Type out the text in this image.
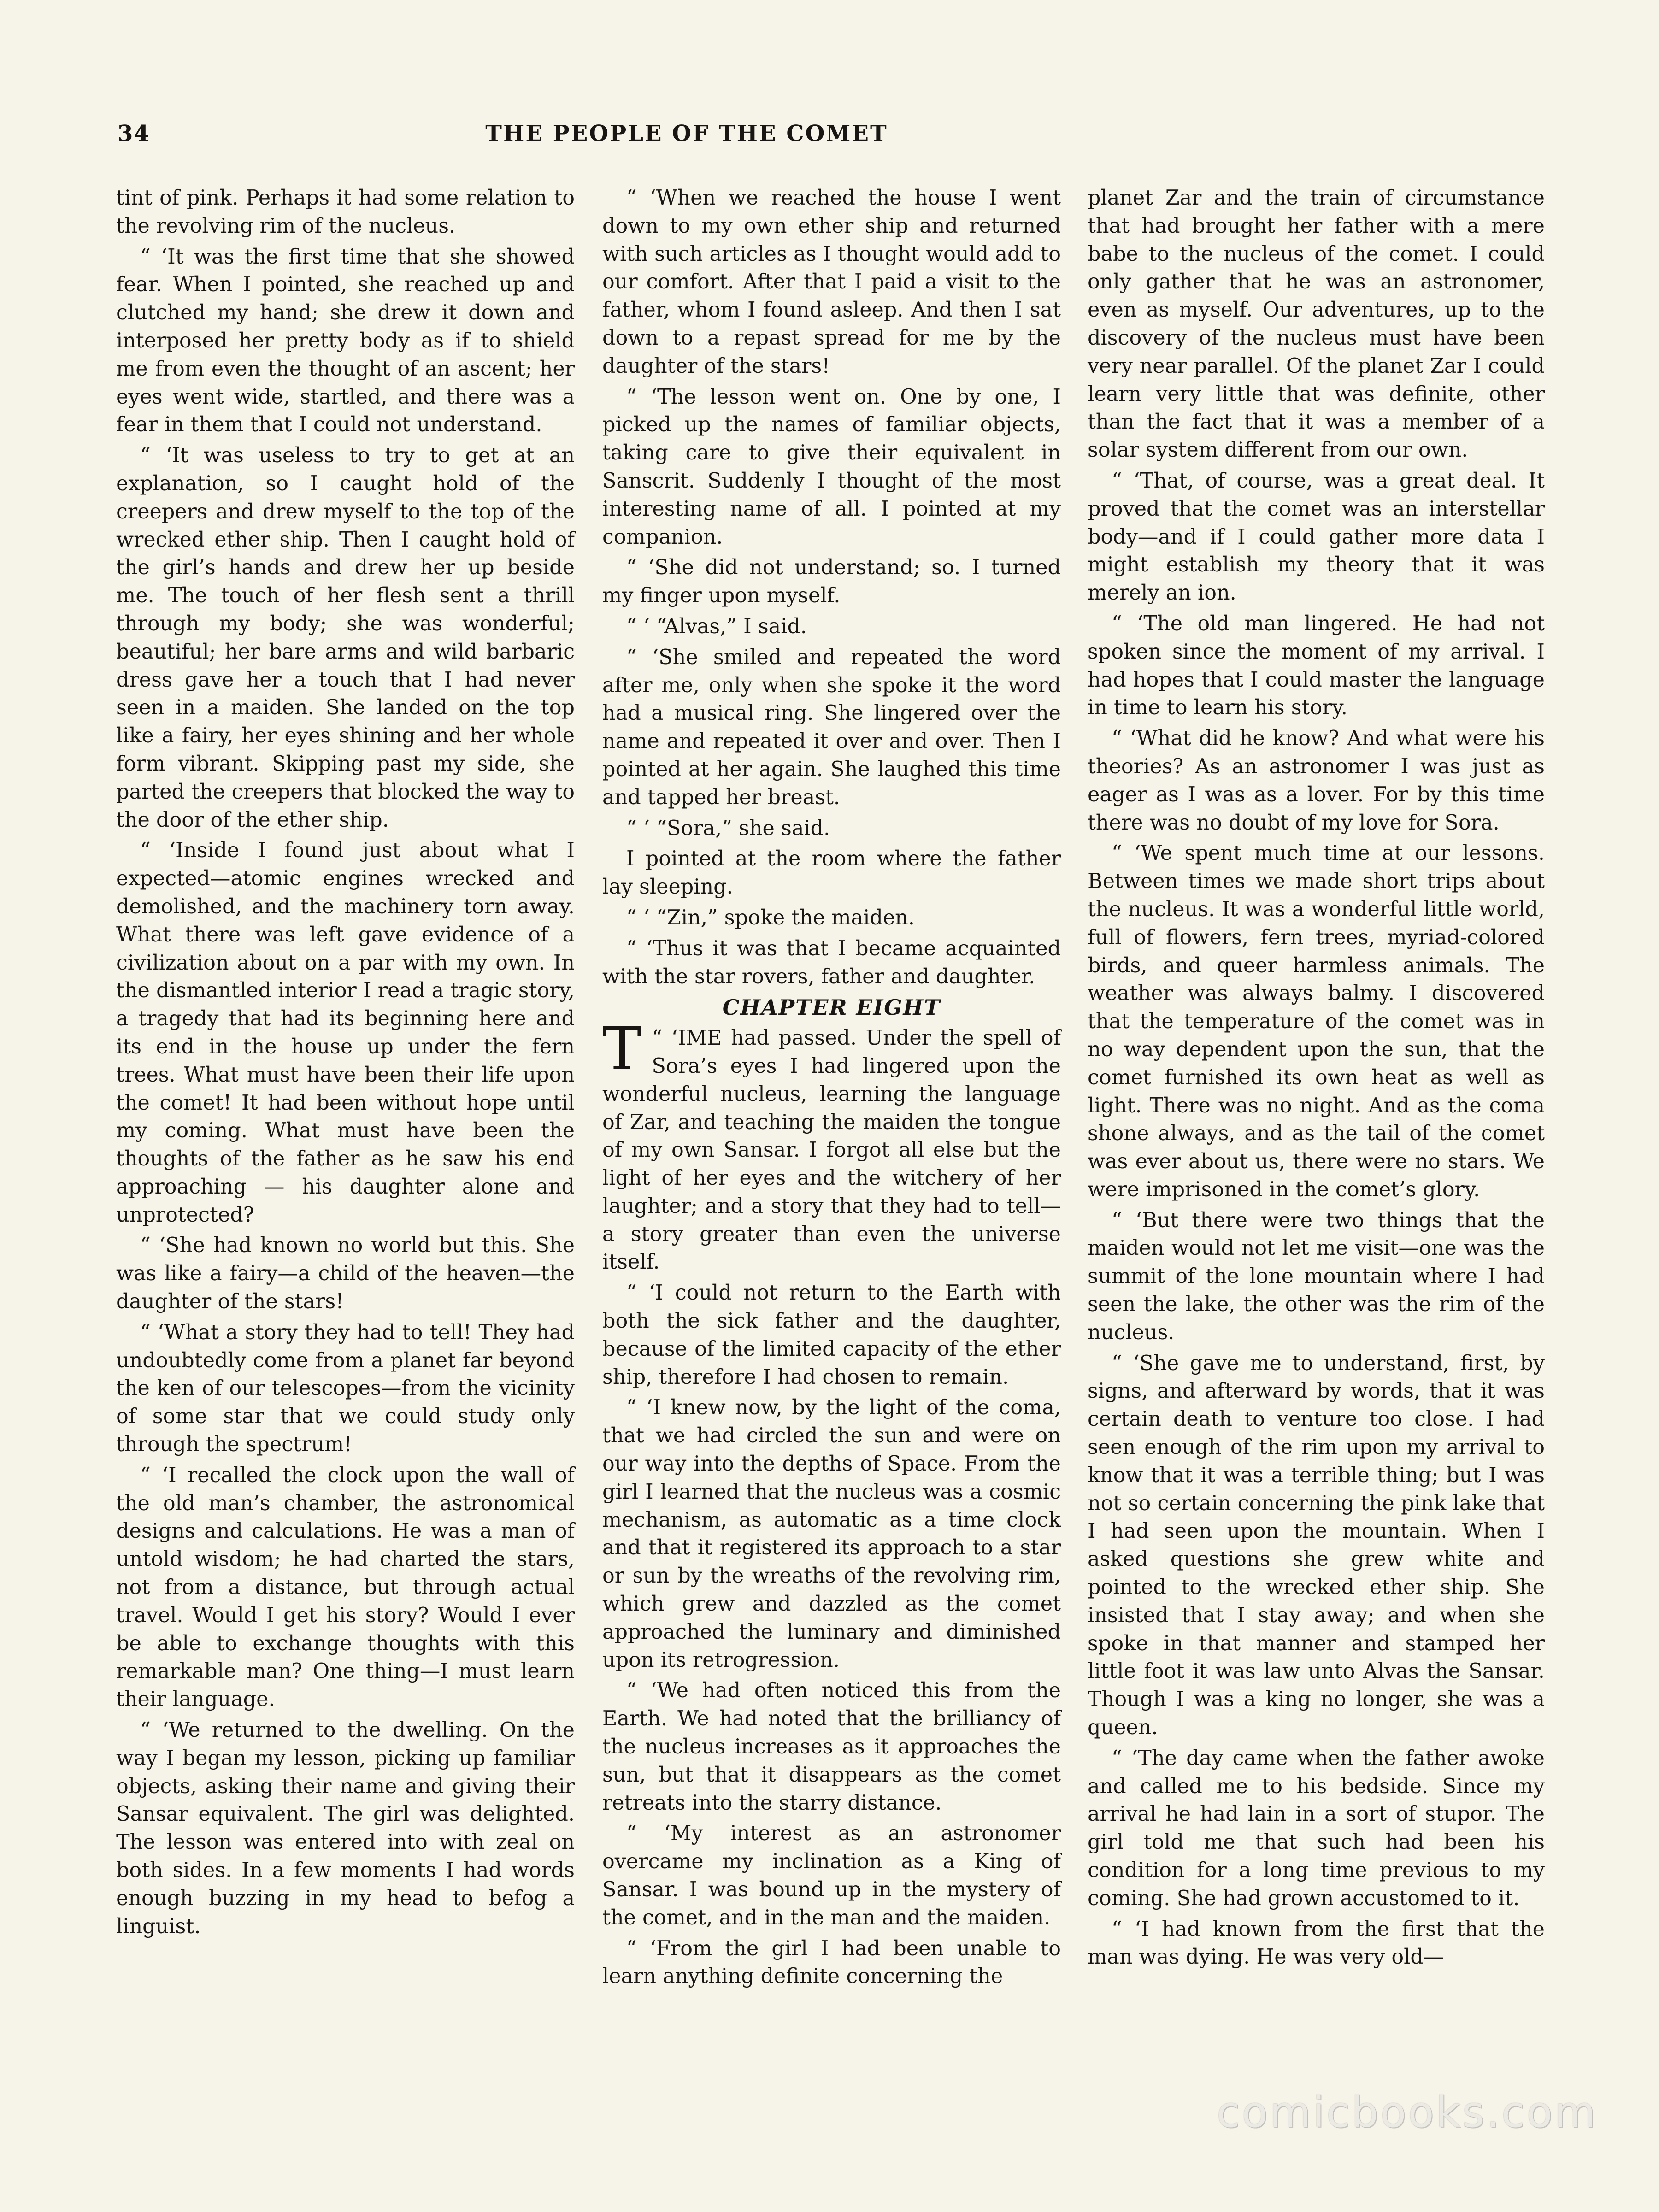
34	THE PEOPLE OF THE COMET

tint of pink. Perhaps it had some relation to the revolving rim of the nucleus.

“ ‘It was the first time that she showed fear. When I pointed, she reached up and clutched my hand; she drew it down and interposed her pretty body as if to shield me from even the thought of an ascent; her eyes went wide, startled, and there was a fear in them that I could not understand.

“ ‘It was useless to try to get at an explanation, so I caught hold of the creepers and drew myself to the top of the wrecked ether ship. Then I caught hold of the girl’s hands and drew her up beside me. The touch of her flesh sent a thrill through my body; she was wonderful; beautiful; her bare arms and wild barbaric dress gave her a touch that I had never seen in a maiden. She landed on the top like a fairy, her eyes shining and her whole form vibrant. Skipping past my side, she parted the creepers that blocked the way to the door of the ether ship.

“ ‘Inside I found just about what I expected—atomic engines wrecked and demolished, and the machinery torn away. What there was left gave evidence of a civilization about on a par with my own. In the dismantled interior I read a tragic story, a tragedy that had its beginning here and its end in the house up under the fern trees. What must have been their life upon the comet! It had been without hope until my coming. What must have been the thoughts of the father as he saw his end approaching — his daughter alone and unprotected?

“ ‘She had known no world but this. She was like a fairy—a child of the heaven—the daughter of the stars!

“ ‘What a story they had to tell! They had undoubtedly come from a planet far beyond the ken of our telescopes—from the vicinity of some star that we could study only through the spectrum!

“ ‘I recalled the clock upon the wall of the old man’s chamber, the astronomical designs and calculations. He was a man of untold wisdom; he had charted the stars, not from a distance, but through actual travel. Would I get his story? Would I ever be able to exchange thoughts with this remarkable man? One thing—I must learn their language.

“ ‘We returned to the dwelling. On the way I began my lesson, picking up familiar objects, asking their name and giving their Sansar equivalent. The girl was delighted. The lesson was entered into with zeal on both sides. In a few moments I had words enough buzzing in my head to befog a linguist.

“ ‘When we reached the house I went down to my own ether ship and returned with such articles as I thought would add to our comfort. After that I paid a visit to the father, whom I found asleep. And then I sat down to a repast spread for me by the daughter of the stars!

“ ‘The lesson went on. One by one, I picked up the names of familiar objects, taking care to give their equivalent in Sanscrit. Suddenly I thought of the most interesting name of all. I pointed at my companion.

“ ‘She did not understand; so. I turned my finger upon myself.

“ ‘ “Alvas,” I said.

“ ‘She smiled and repeated the word after me, only when she spoke it the word had a musical ring. She lingered over the name and repeated it over and over. Then I pointed at her again. She laughed this time and tapped her breast.

“ ‘ “Sora,” she said.

I pointed at the room where the father lay sleeping.

“ ‘ “Zin,” spoke the maiden.

“ ‘Thus it was that I became acquainted with the star rovers, father and daughter.

CHAPTER EIGHT

“ ‘
T IME had passed. Under the spell of Sora’s eyes I had lingered upon the wonderful nucleus, learning the language of Zar, and teaching the maiden the tongue of my own Sansar. I forgot all else but the light of her eyes and the witchery of her laughter; and a story that they had to tell—a story greater than even the universe itself.

“ ‘I could not return to the Earth with both the sick father and the daughter, because of the limited capacity of the ether ship, therefore I had chosen to remain.

“ ‘I knew now, by the light of the coma, that we had circled the sun and were on our way into the depths of Space. From the girl I learned that the nucleus was a cosmic mechanism, as automatic as a time clock and that it registered its approach to a star or sun by the wreaths of the revolving rim, which grew and dazzled as the comet approached the luminary and diminished upon its retrogression.

“ ‘We had often noticed this from the Earth. We had noted that the brilliancy of the nucleus increases as it approaches the sun, but that it disappears as the comet retreats into the starry distance.

“ ‘My interest as an astronomer overcame my inclination as a King of Sansar. I was bound up in the mystery of the comet, and in the man and the maiden.

“ ‘From the girl I had been unable to learn anything definite concerning the

planet Zar and the train of circumstance that had brought her father with a mere babe to the nucleus of the comet. I could only gather that he was an astronomer, even as myself. Our adventures, up to the discovery of the nucleus must have been very near parallel. Of the planet Zar I could learn very little that was definite, other than the fact that it was a member of a solar system different from our own.

“ ‘That, of course, was a great deal. It proved that the comet was an interstellar body—and if I could gather more data I might establish my theory that it was merely an ion.

“ ‘The old man lingered. He had not spoken since the moment of my arrival. I had hopes that I could master the language in time to learn his story.

“ ‘What did he know? And what were his theories? As an astronomer I was just as eager as I was as a lover. For by this time there was no doubt of my love for Sora.

“ ‘We spent much time at our lessons. Between times we made short trips about the nucleus. It was a wonderful little world, full of flowers, fern trees, myriad-colored birds, and queer harmless animals. The weather was always balmy. I discovered that the temperature of the comet was in no way dependent upon the sun, that the comet furnished its own heat as well as light. There was no night. And as the coma shone always, and as the tail of the comet was ever about us, there were no stars. We were imprisoned in the comet’s glory.

“ ‘But there were two things that the maiden would not let me visit—one was the summit of the lone mountain where I had seen the lake, the other was the rim of the nucleus.

“ ‘She gave me to understand, first, by signs, and afterward by words, that it was certain death to venture too close. I had seen enough of the rim upon my arrival to know that it was a terrible thing; but I was not so certain concerning the pink lake that I had seen upon the mountain. When I asked questions she grew white and pointed to the wrecked ether ship. She insisted that I stay away; and when she spoke in that manner and stamped her little foot it was law unto Alvas the Sansar. Though I was a king no longer, she was a queen.

“ ‘The day came when the father awoke and called me to his bedside. Since my arrival he had lain in a sort of stupor. The girl told me that such had been his condition for a long time previous to my coming. She had grown accustomed to it.

“ ‘I had known from the first that the man was dying. He was very old—

comicbooks.com
